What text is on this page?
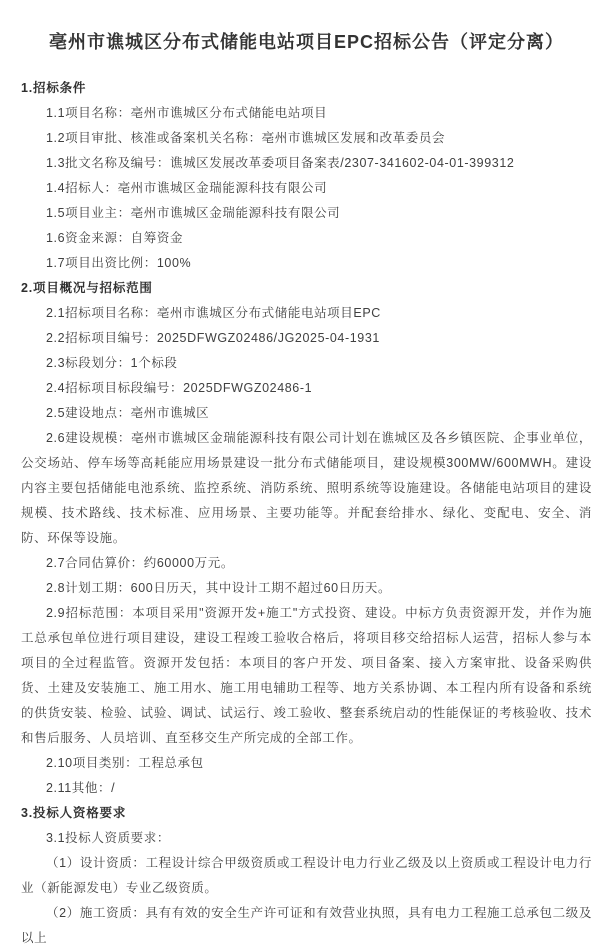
亳州市谯城区分布式储能电站项目EPC招标公告（评定分离）
1.招标条件

1.1项目名称：亳州市谯城区分布式储能电站项目

1.2项目审批、核准或备案机关名称：亳州市谯城区发展和改革委员会

1.3批文名称及编号：谯城区发展改革委项目备案表/2307-341602-04-01-399312

1.4招标人：亳州市谯城区金瑞能源科技有限公司

1.5项目业主：亳州市谯城区金瑞能源科技有限公司

1.6资金来源：自筹资金

1.7项目出资比例：100%

2.项目概况与招标范围

2.1招标项目名称：亳州市谯城区分布式储能电站项目EPC

2.2招标项目编号：2025DFWGZ02486/JG2025-04-1931

2.3标段划分：1个标段

2.4招标项目标段编号：2025DFWGZ02486-1

2.5建设地点：亳州市谯城区

2.6建设规模：亳州市谯城区金瑞能源科技有限公司计划在谯城区及各乡镇医院、企事业单位，公交场站、停车场等高耗能应用场景建设一批分布式储能项目，建设规模300MW/600MWH。建设内容主要包括储能电池系统、监控系统、消防系统、照明系统等设施建设。各储能电站项目的建设规模、技术路线、技术标准、应用场景、主要功能等。并配套给排水、绿化、变配电、安全、消防、环保等设施。

2.7合同估算价：约60000万元。

2.8计划工期：600日历天，其中设计工期不超过60日历天。

2.9招标范围：本项目采用"资源开发+施工"方式投资、建设。中标方负责资源开发，并作为施工总承包单位进行项目建设，建设工程竣工验收合格后，将项目移交给招标人运营，招标人参与本项目的全过程监管。资源开发包括：本项目的客户开发、项目备案、接入方案审批、设备采购供货、土建及安装施工、施工用水、施工用电辅助工程等、地方关系协调、本工程内所有设备和系统的供货安装、检验、试验、调试、试运行、竣工验收、整套系统启动的性能保证的考核验收、技术和售后服务、人员培训、直至移交生产所完成的全部工作。

2.10项目类别：工程总承包

2.11其他：/

3.投标人资格要求

3.1投标人资质要求：

（1）设计资质：工程设计综合甲级资质或工程设计电力行业乙级及以上资质或工程设计电力行业（新能源发电）专业乙级资质。

（2）施工资质：具有有效的安全生产许可证和有效营业执照，具有电力工程施工总承包二级及以上
